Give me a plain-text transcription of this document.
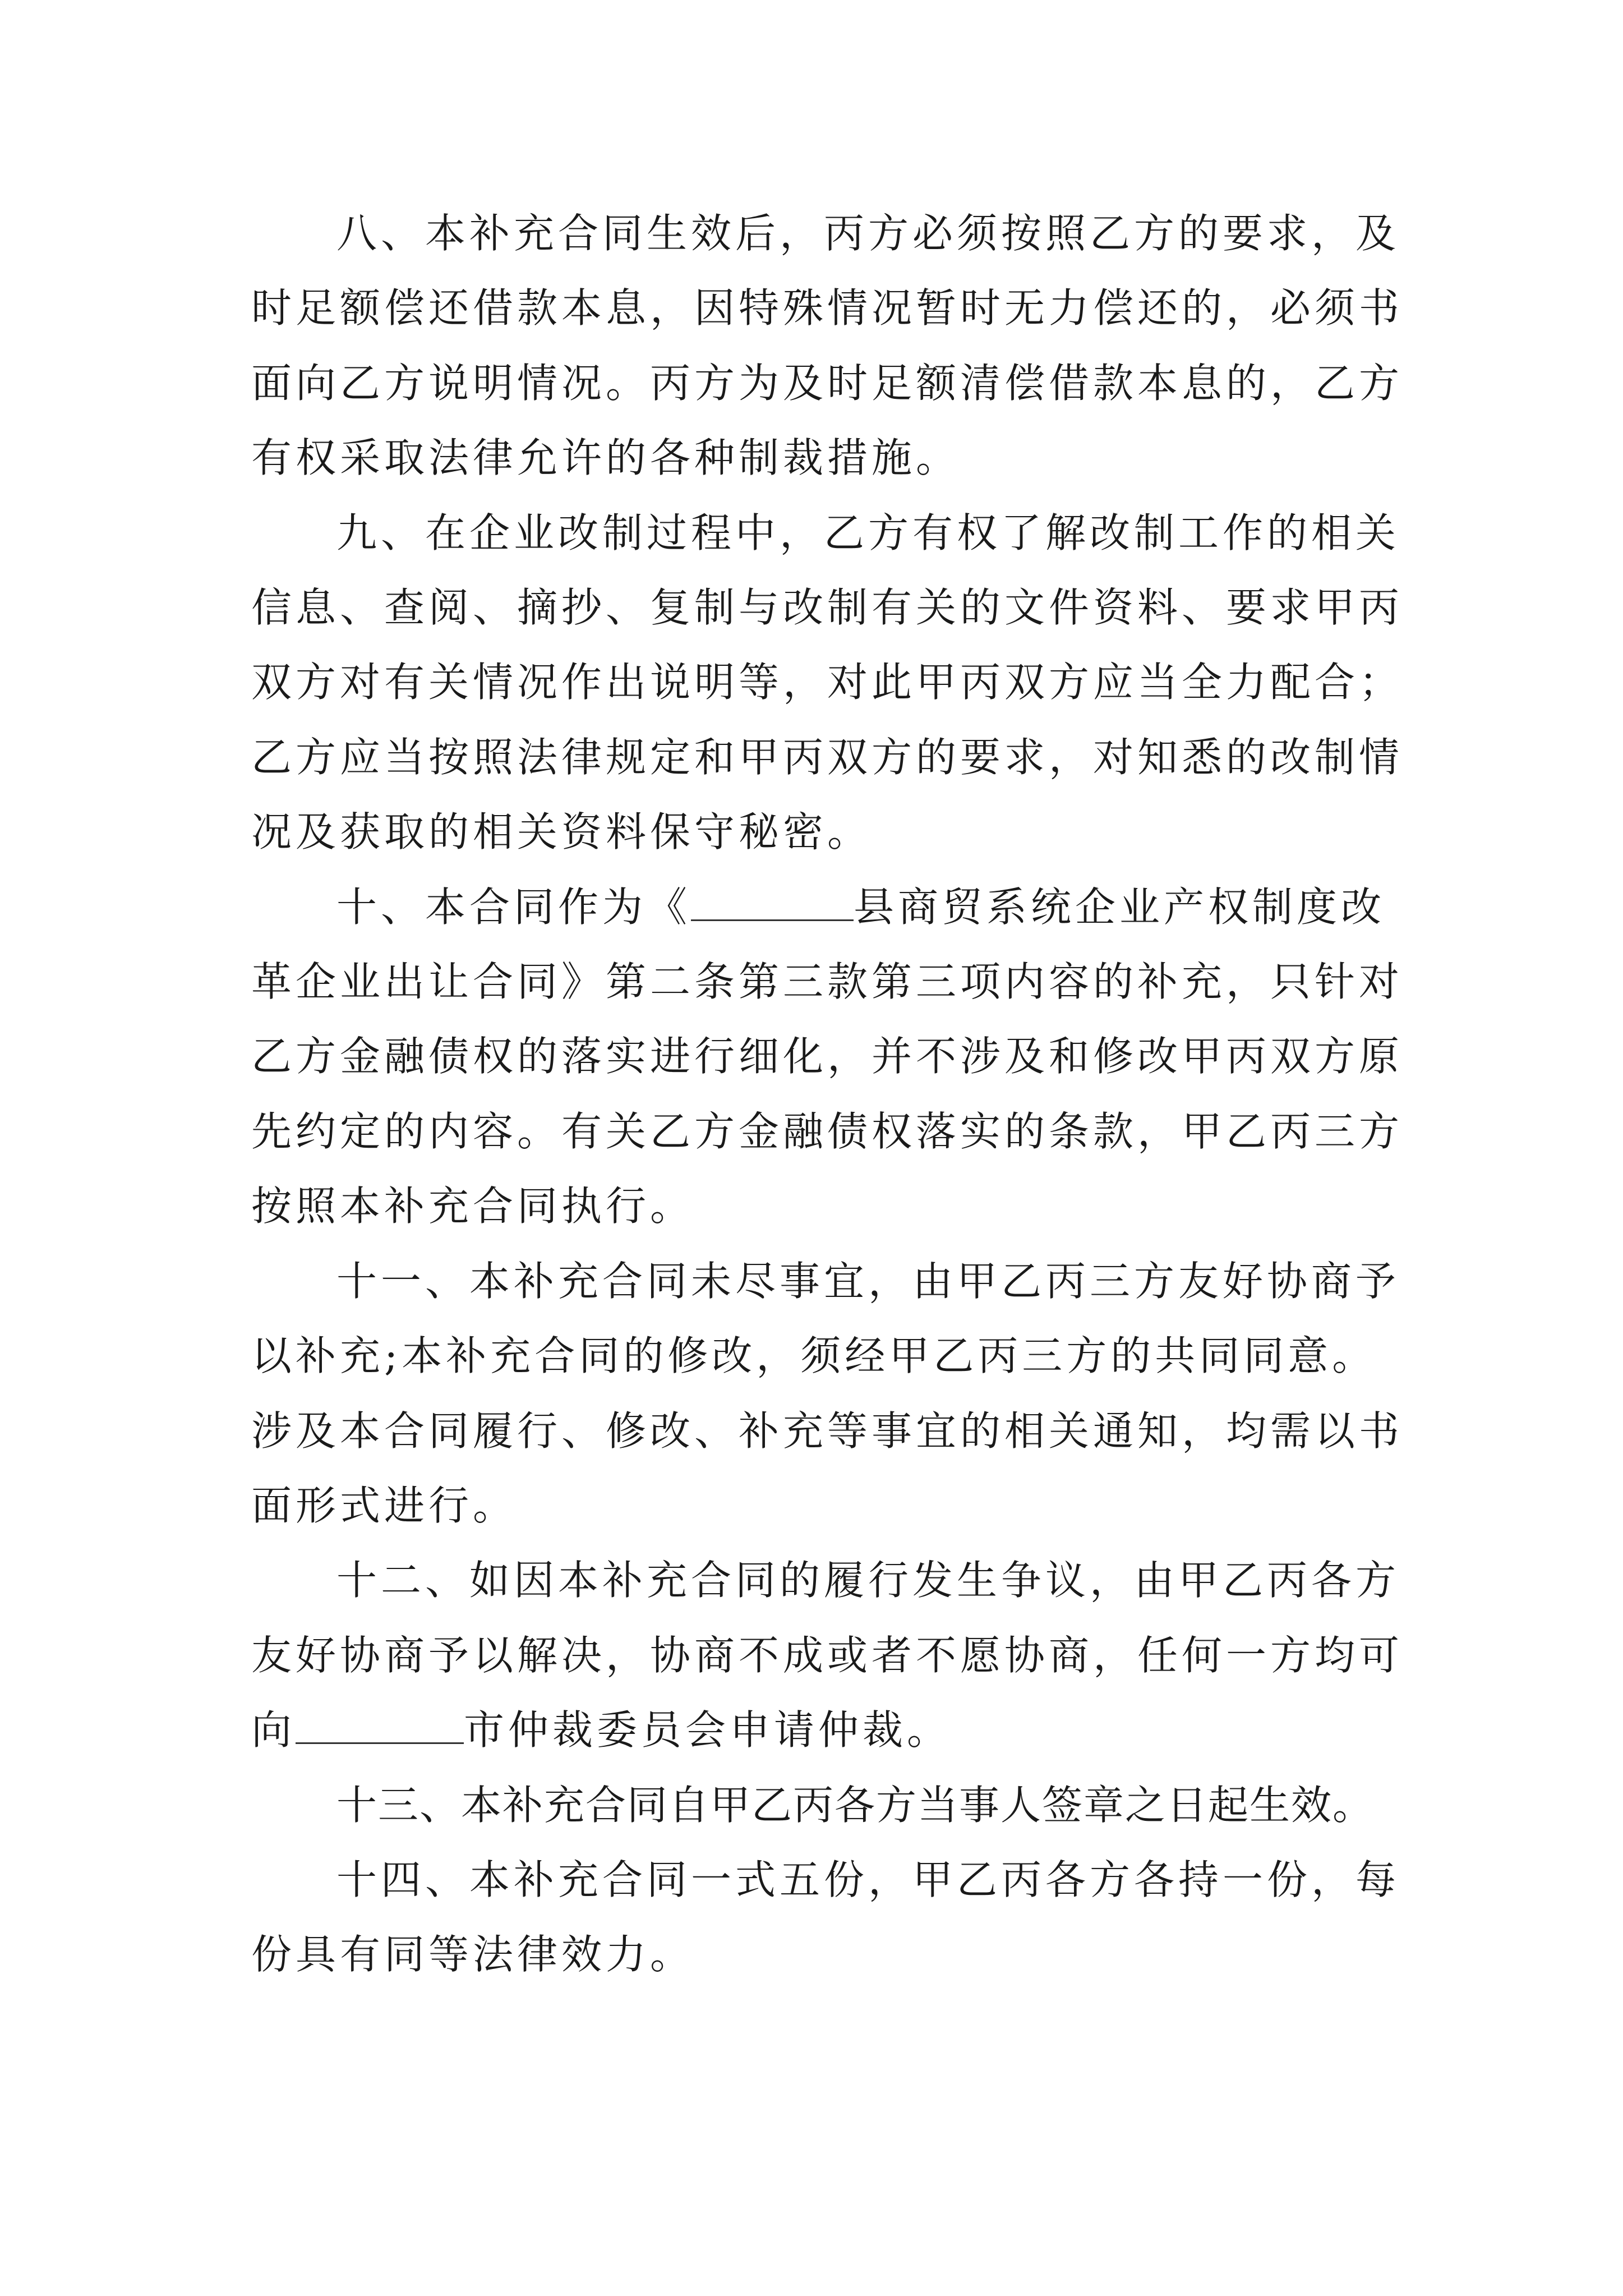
八、本补充合同生效后，丙方必须按照乙方的要求，及
时足额偿还借款本息，因特殊情况暂时无力偿还的，必须书
面向乙方说明情况。丙方为及时足额清偿借款本息的，乙方
有权采取法律允许的各种制裁措施。
九、在企业改制过程中，乙方有权了解改制工作的相关
信息、查阅、摘抄、复制与改制有关的文件资料、要求甲丙
双方对有关情况作出说明等，对此甲丙双方应当全力配合；
乙方应当按照法律规定和甲丙双方的要求，对知悉的改制情
况及获取的相关资料保守秘密。
十、本合同作为《	县商贸系统企业产权制度改
革企业出让合同》第二条第三款第三项内容的补充，只针对
乙方金融债权的落实进行细化，并不涉及和修改甲丙双方原
先约定的内容。有关乙方金融债权落实的条款，甲乙丙三方
按照本补充合同执行。
十一、本补充合同未尽事宜，由甲乙丙三方友好协商予
以补充;本补充合同的修改，须经甲乙丙三方的共同同意。
涉及本合同履行、修改、补充等事宜的相关通知，均需以书
面形式进行。
十二、如因本补充合同的履行发生争议，由甲乙丙各方
友好协商予以解决，协商不成或者不愿协商，任何一方均可
向	市仲裁委员会申请仲裁。
十三、本补充合同自甲乙丙各方当事人签章之日起生效。
十四、本补充合同一式五份，甲乙丙各方各持一份，每
份具有同等法律效力。
